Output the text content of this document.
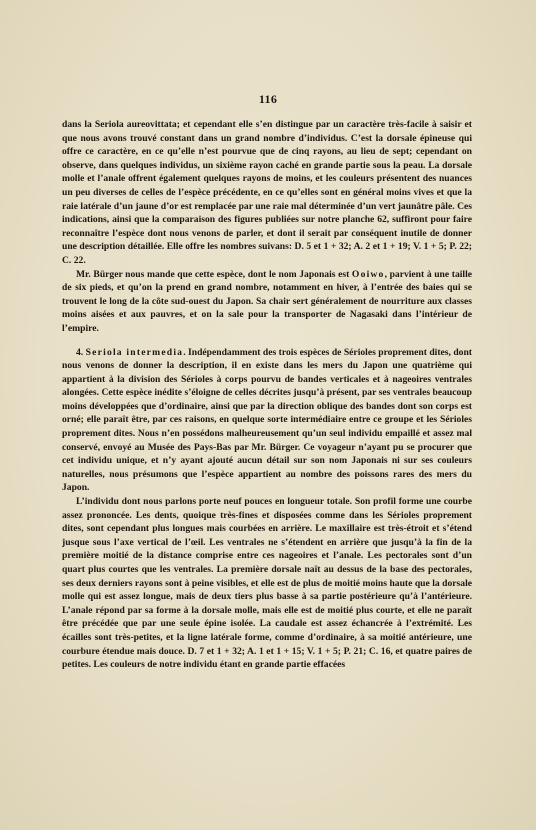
116

dans la Seriola aureovittata; et cependant elle s’en distingue par un caractère très-facile à saisir et que nous avons trouvé constant dans un grand nombre d’individus. C’est la dorsale épineuse qui offre ce caractère, en ce qu’elle n’est pourvue que de cinq rayons, au lieu de sept; cependant on observe, dans quelques individus, un sixième rayon caché en grande partie sous la peau. La dorsale molle et l’anale offrent également quelques rayons de moins, et les couleurs présentent des nuances un peu diverses de celles de l’espèce précédente, en ce qu’elles sont en général moins vives et que la raie latérale d’un jaune d’or est remplacée par une raie mal déterminée d’un vert jaunâtre pâle. Ces indications, ainsi que la comparaison des figures publiées sur notre planche 62, suffiront pour faire reconnaître l’espèce dont nous venons de parler, et dont il serait par conséquent inutile de donner une description détaillée. Elle offre les nombres suivans: D. 5 et 1 + 32; A. 2 et 1 + 19; V. 1 + 5; P. 22; C. 22.

Mr. Bürger nous mande que cette espèce, dont le nom Japonais est Ooiwo, parvient à une taille de six pieds, et qu’on la prend en grand nombre, notamment en hiver, à l’entrée des baies qui se trouvent le long de la côte sud-ouest du Japon. Sa chair sert généralement de nourriture aux classes moins aisées et aux pauvres, et on la sale pour la transporter de Nagasaki dans l’intérieur de l’empire.

4. Seriola intermedia. Indépendamment des trois espèces de Sérioles proprement dites, dont nous venons de donner la description, il en existe dans les mers du Japon une quatrième qui appartient à la division des Sérioles à corps pourvu de bandes verticales et à nageoires ventrales alongées. Cette espèce inédite s’éloigne de celles décrites jusqu’à présent, par ses ventrales beaucoup moins développées que d’ordinaire, ainsi que par la direction oblique des bandes dont son corps est orné; elle paraît être, par ces raisons, en quelque sorte intermédiaire entre ce groupe et les Sérioles proprement dites. Nous n’en possédons malheureusement qu’un seul individu empaillé et assez mal conservé, envoyé au Musée des Pays-Bas par Mr. Bürger. Ce voyageur n’ayant pu se procurer que cet individu unique, et n’y ayant ajouté aucun détail sur son nom Japonais ni sur ses couleurs naturelles, nous présumons que l’espèce appartient au nombre des poissons rares des mers du Japon.

L’individu dont nous parlons porte neuf pouces en longueur totale. Son profil forme une courbe assez prononcée. Les dents, quoique très-fines et disposées comme dans les Sérioles proprement dites, sont cependant plus longues mais courbées en arrière. Le maxillaire est très-étroit et s’étend jusque sous l’axe vertical de l’œil. Les ventrales ne s’étendent en arrière que jusqu’à la fin de la première moitié de la distance comprise entre ces nageoires et l’anale. Les pectorales sont d’un quart plus courtes que les ventrales. La première dorsale naît au dessus de la base des pectorales, ses deux derniers rayons sont à peine visibles, et elle est de plus de moitié moins haute que la dorsale molle qui est assez longue, mais de deux tiers plus basse à sa partie postérieure qu’à l’antérieure. L’anale répond par sa forme à la dorsale molle, mais elle est de moitié plus courte, et elle ne paraît être précédée que par une seule épine isolée. La caudale est assez échancrée à l’extrémité. Les écailles sont très-petites, et la ligne latérale forme, comme d’ordinaire, à sa moitié antérieure, une courbure étendue mais douce. D. 7 et 1 + 32; A. 1 et 1 + 15; V. 1 + 5; P. 21; C. 16, et quatre paires de petites. Les couleurs de notre individu étant en grande partie effacées
